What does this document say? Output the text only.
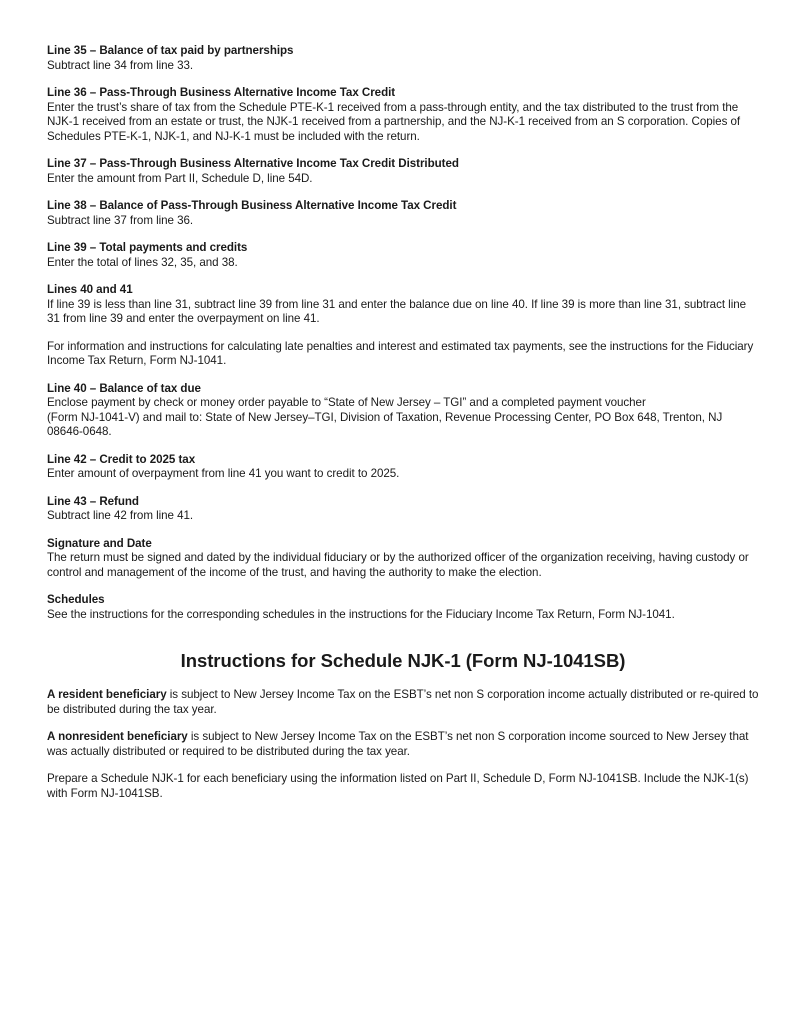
Line 35 – Balance of tax paid by partnerships

Subtract line 34 from line 33.

Line 36 – Pass-Through Business Alternative Income Tax Credit

Enter the trust’s share of tax from the Schedule PTE-K-1 received from a pass-through entity, and the tax distributed to the trust from the NJK-1 received from an estate or trust, the NJK-1 received from a partnership, and the NJ-K-1 received from an S corporation. Copies of Schedules PTE-K-1, NJK-1, and NJ-K-1 must be included with the return.

Line 37 – Pass-Through Business Alternative Income Tax Credit Distributed

Enter the amount from Part II, Schedule D, line 54D.

Line 38 – Balance of Pass-Through Business Alternative Income Tax Credit

Subtract line 37 from line 36.

Line 39 – Total payments and credits

Enter the total of lines 32, 35, and 38.

Lines 40 and 41

If line 39 is less than line 31, subtract line 39 from line 31 and enter the balance due on line 40. If line 39 is more than line 31, subtract line 31 from line 39 and enter the overpayment on line 41.

For information and instructions for calculating late penalties and interest and estimated tax payments, see the instructions for the Fiduciary Income Tax Return, Form NJ-1041.

Line 40 – Balance of tax due

Enclose payment by check or money order payable to “State of New Jersey – TGI” and a completed payment voucher

(Form NJ-1041-V) and mail to: State of New Jersey–TGI, Division of Taxation, Revenue Processing Center, PO Box 648, Trenton, NJ 08646-0648.

Line 42 – Credit to 2025 tax

Enter amount of overpayment from line 41 you want to credit to 2025.

Line 43 – Refund

Subtract line 42 from line 41.

Signature and Date

The return must be signed and dated by the individual fiduciary or by the authorized officer of the organization receiving, having custody or control and management of the income of the trust, and having the authority to make the election.

Schedules

See the instructions for the corresponding schedules in the instructions for the Fiduciary Income Tax Return, Form NJ-1041.

Instructions for Schedule NJK-1 (Form NJ-1041SB)

A resident beneficiary is subject to New Jersey Income Tax on the ESBT’s net non S corporation income actually distributed or re-quired to be distributed during the tax year.

A nonresident beneficiary is subject to New Jersey Income Tax on the ESBT’s net non S corporation income sourced to New Jersey that was actually distributed or required to be distributed during the tax year.

Prepare a Schedule NJK-1 for each beneficiary using the information listed on Part II, Schedule D, Form NJ-1041SB. Include the NJK-1(s) with Form NJ-1041SB.
